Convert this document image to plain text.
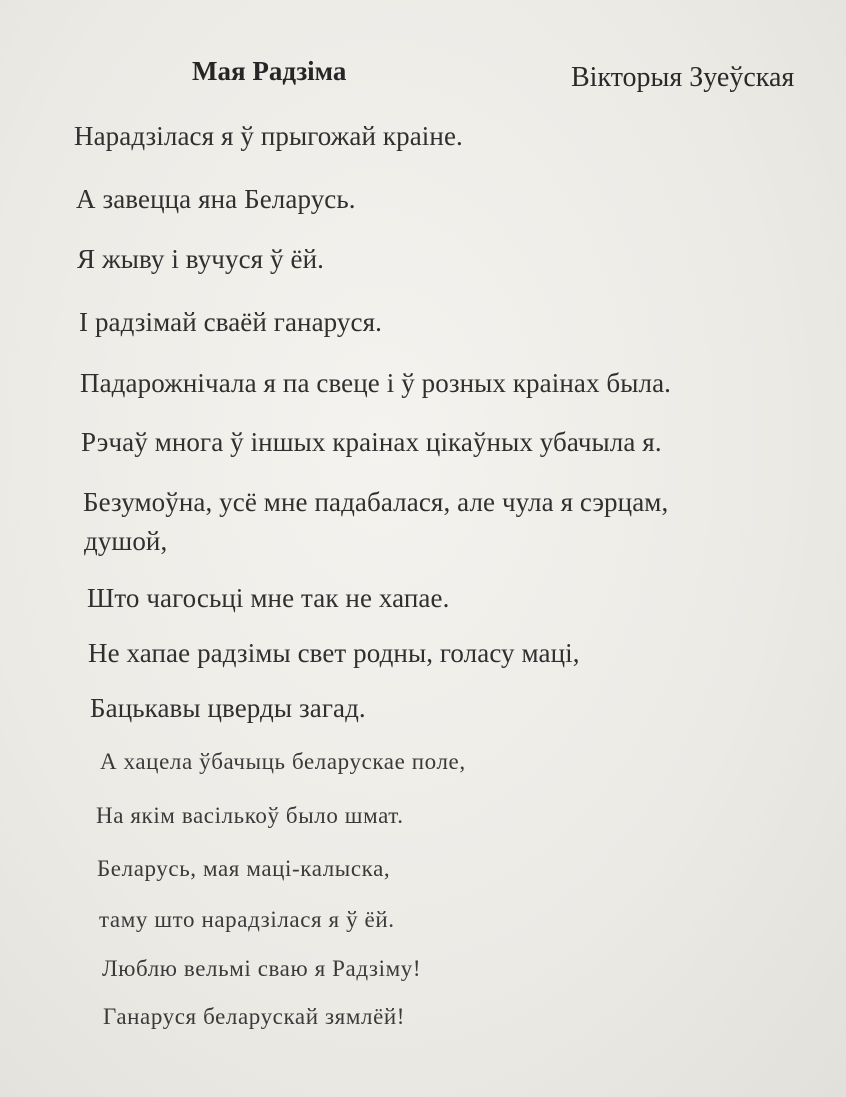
Мая Радзіма	Вікторыя Зуеўская
Нарадзілася я ў прыгожай краіне.
А завецца яна Беларусь.
Я жыву і вучуся ў ёй.
І радзімай сваёй ганаруся.
Падарожнічала я па свеце і ў розных краінах была.
Рэчаў многа ў іншых краінах цікаўных убачыла я.
Безумоўна, усё мне падабалася, але чула я сэрцам,
душой,
Што чагосьці мне так не хапае.
Не хапае радзімы свет родны, голасу маці,
Бацькавы цверды загад.
А хацела ўбачыць беларускае поле,
На якім васількоў было шмат.
Беларусь, мая маці-калыска,
таму што нарадзілася я ў ёй.
Люблю вельмі сваю я Радзіму!
Ганаруся беларускай зямлёй!
